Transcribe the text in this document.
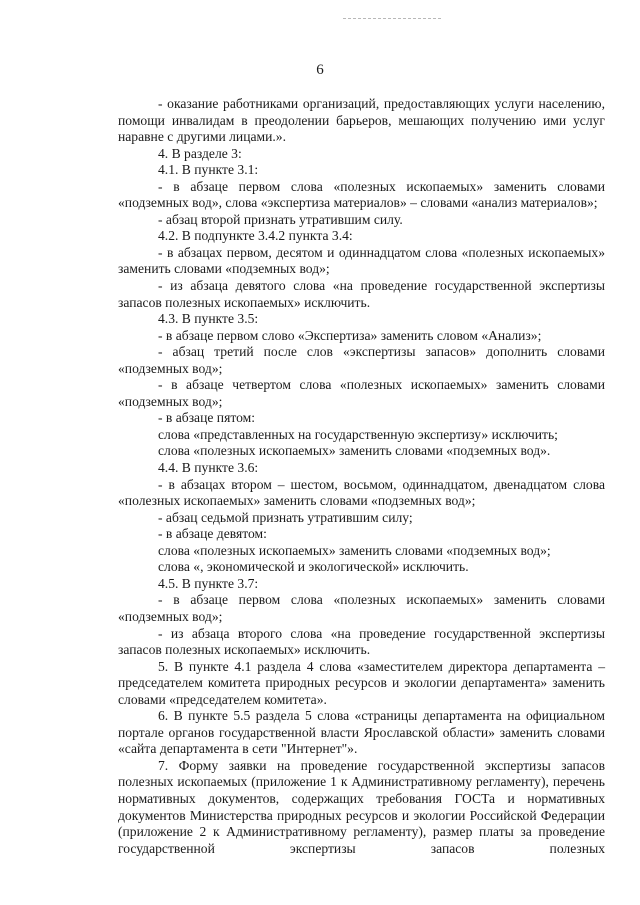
6

- оказание работниками организаций, предоставляющих услуги населению, помощи инвалидам в преодолении барьеров, мешающих получению ими услуг наравне с другими лицами.».

4. В разделе 3:

4.1. В пункте 3.1:

- в абзаце первом слова «полезных ископаемых» заменить словами «подземных вод», слова «экспертиза материалов» – словами «анализ материалов»;

- абзац второй признать утратившим силу.

4.2. В подпункте 3.4.2 пункта 3.4:

- в абзацах первом, десятом и одиннадцатом слова «полезных ископаемых» заменить словами «подземных вод»;

- из абзаца девятого слова «на проведение государственной экспертизы запасов полезных ископаемых» исключить.

4.3. В пункте 3.5:

- в абзаце первом слово «Экспертиза» заменить словом «Анализ»;

- абзац третий после слов «экспертизы запасов» дополнить словами «подземных вод»;

- в абзаце четвертом слова «полезных ископаемых» заменить словами «подземных вод»;

- в абзаце пятом:

слова «представленных на государственную экспертизу» исключить;

слова «полезных ископаемых» заменить словами «подземных вод».

4.4. В пункте 3.6:

- в абзацах втором – шестом, восьмом, одиннадцатом, двенадцатом слова «полезных ископаемых» заменить словами «подземных вод»;

- абзац седьмой признать утратившим силу;

- в абзаце девятом:

слова «полезных ископаемых» заменить словами «подземных вод»;

слова «, экономической и экологической» исключить.

4.5. В пункте 3.7:

- в абзаце первом слова «полезных ископаемых» заменить словами «подземных вод»;

- из абзаца второго слова «на проведение государственной экспертизы запасов полезных ископаемых» исключить.

5. В пункте 4.1 раздела 4 слова «заместителем директора департамента – председателем комитета природных ресурсов и экологии департамента» заменить словами «председателем комитета».

6. В пункте 5.5 раздела 5 слова «страницы департамента на официальном портале органов государственной власти Ярославской области» заменить словами «сайта департамента в сети "Интернет"».

7. Форму заявки на проведение государственной экспертизы запасов полезных ископаемых (приложение 1 к Административному регламенту), перечень нормативных документов, содержащих требования ГОСТа и нормативных документов Министерства природных ресурсов и экологии Российской Федерации (приложение 2 к Административному регламенту), размер платы за проведение государственной экспертизы запасов полезных
